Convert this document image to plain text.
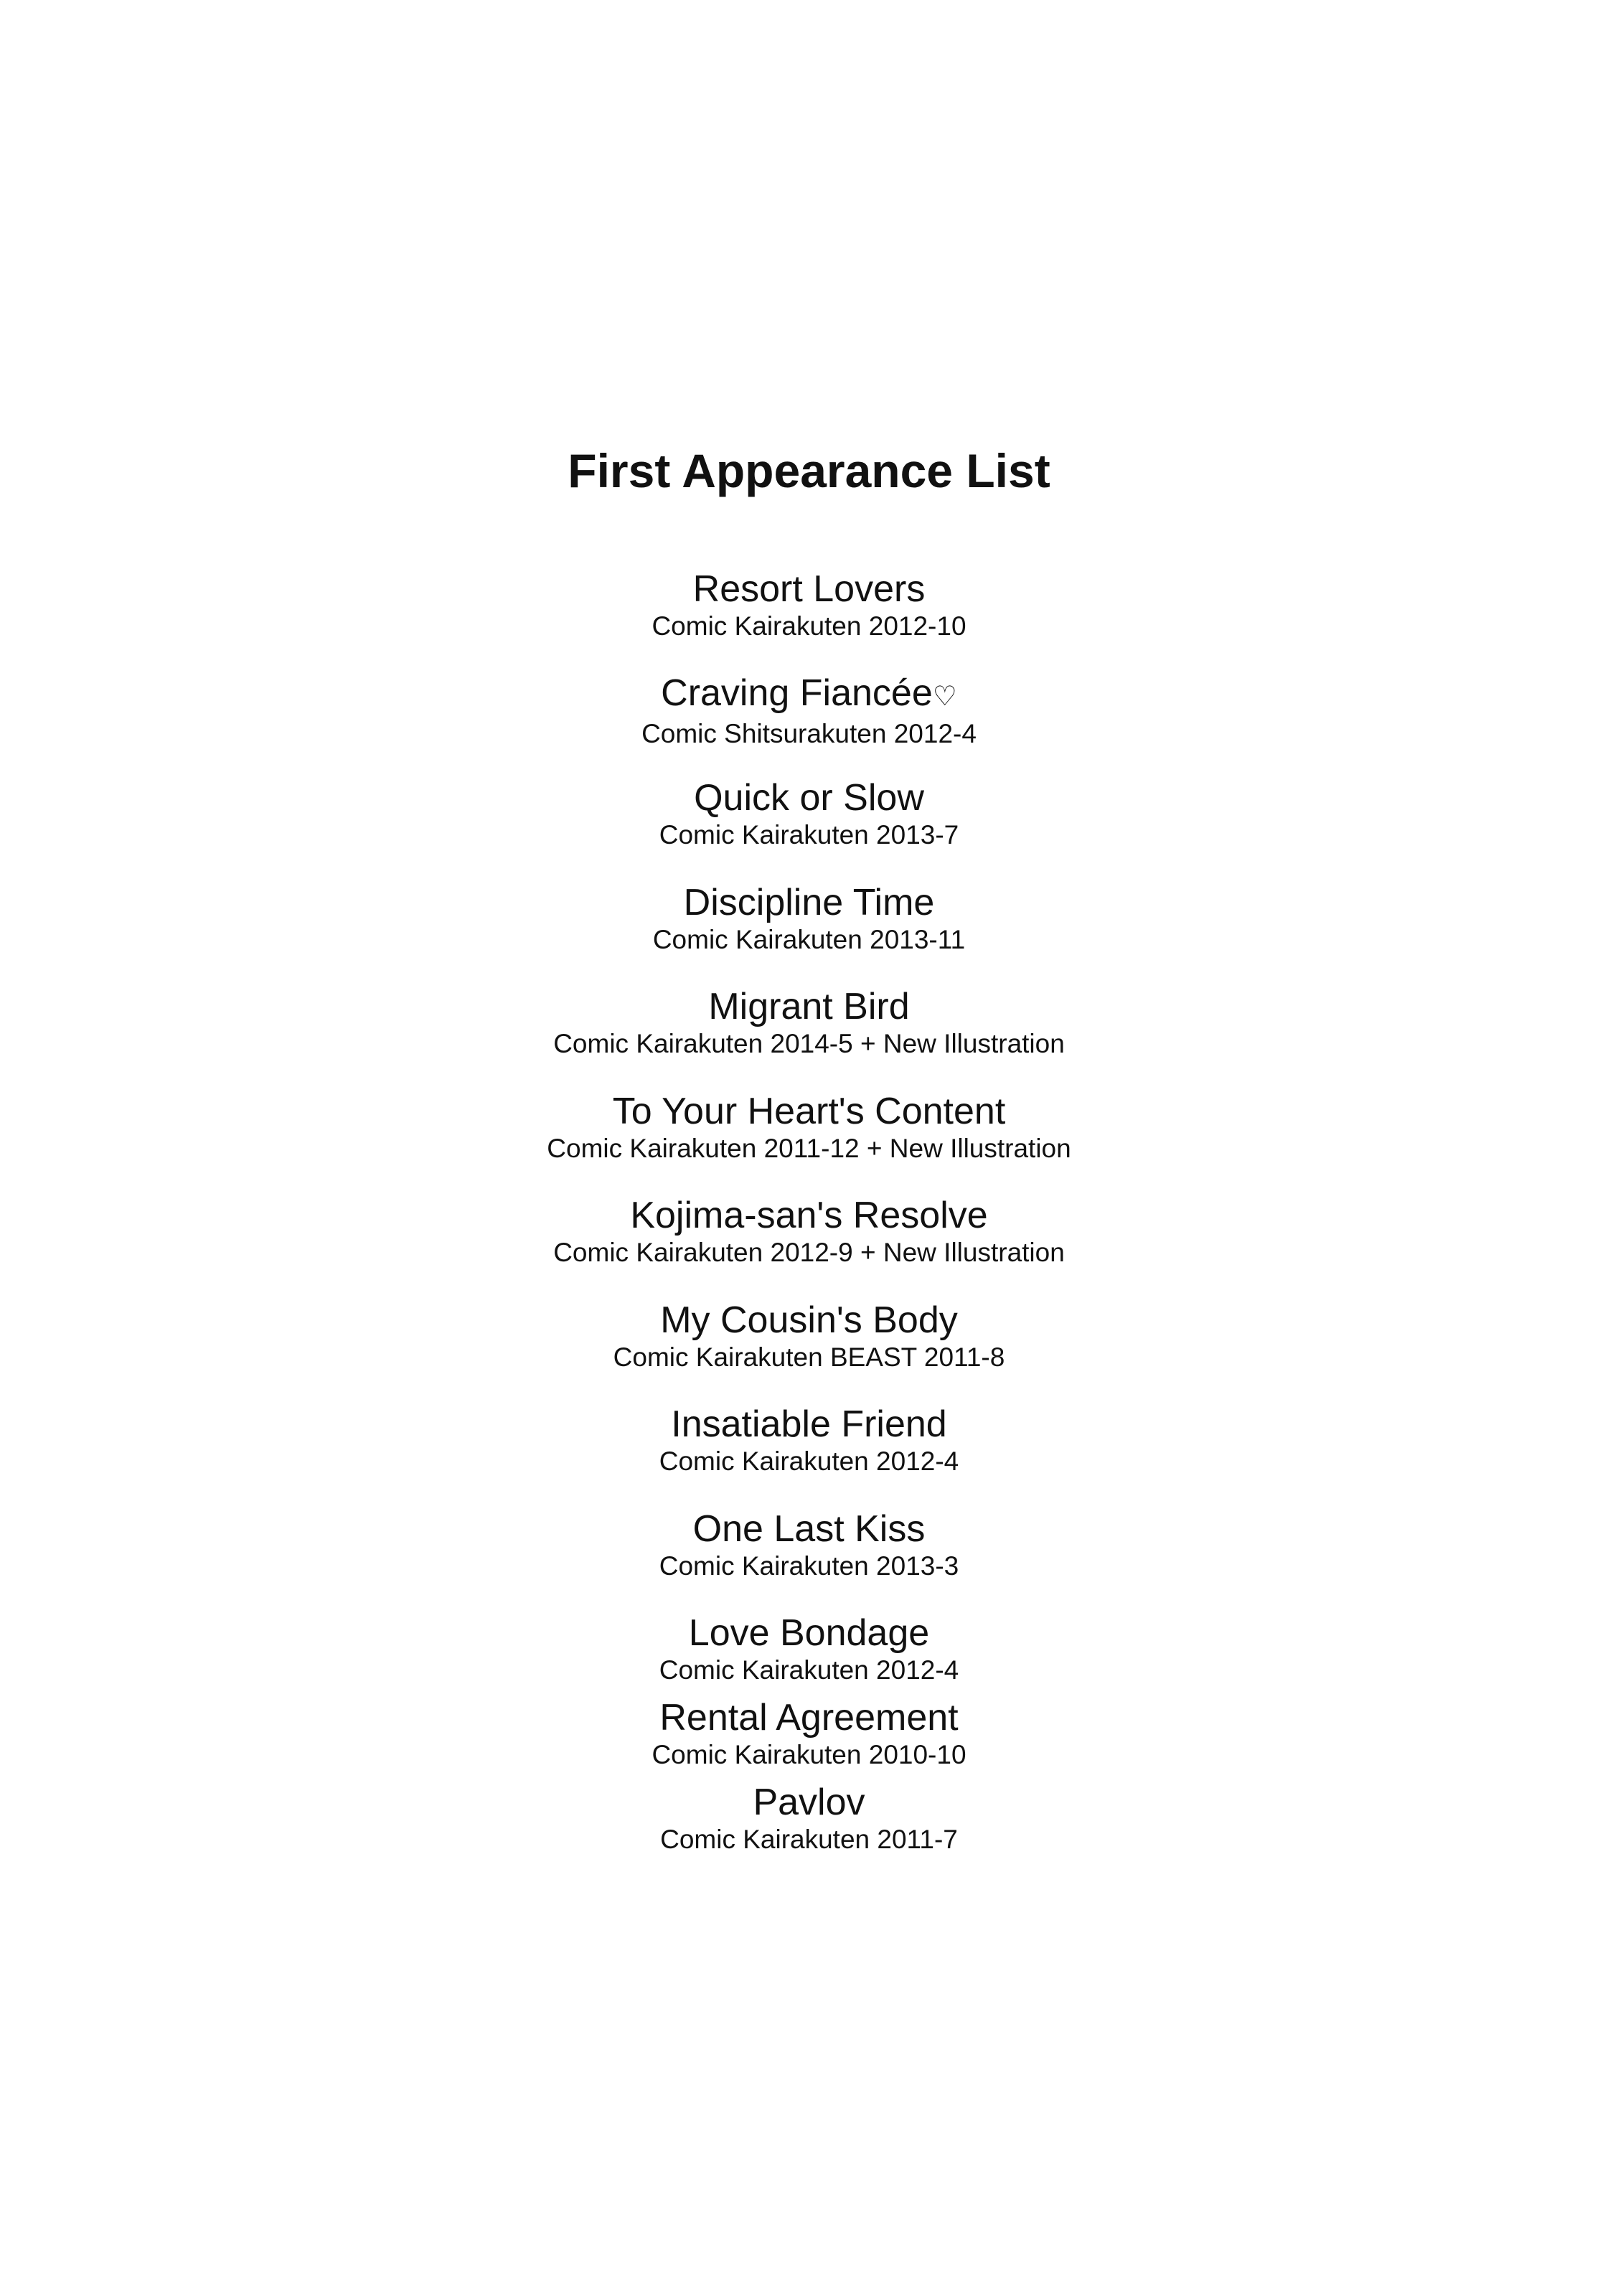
First Appearance List
Resort Lovers
Comic Kairakuten 2012-10
Craving Fiancée♡
Comic Shitsurakuten 2012-4
Quick or Slow
Comic Kairakuten 2013-7
Discipline Time
Comic Kairakuten 2013-11
Migrant Bird
Comic Kairakuten 2014-5 + New Illustration
To Your Heart's Content
Comic Kairakuten 2011-12 + New Illustration
Kojima-san's Resolve
Comic Kairakuten 2012-9 + New Illustration
My Cousin's Body
Comic Kairakuten BEAST 2011-8
Insatiable Friend
Comic Kairakuten 2012-4
One Last Kiss
Comic Kairakuten 2013-3
Love Bondage
Comic Kairakuten 2012-4
Rental Agreement
Comic Kairakuten 2010-10
Pavlov
Comic Kairakuten 2011-7
